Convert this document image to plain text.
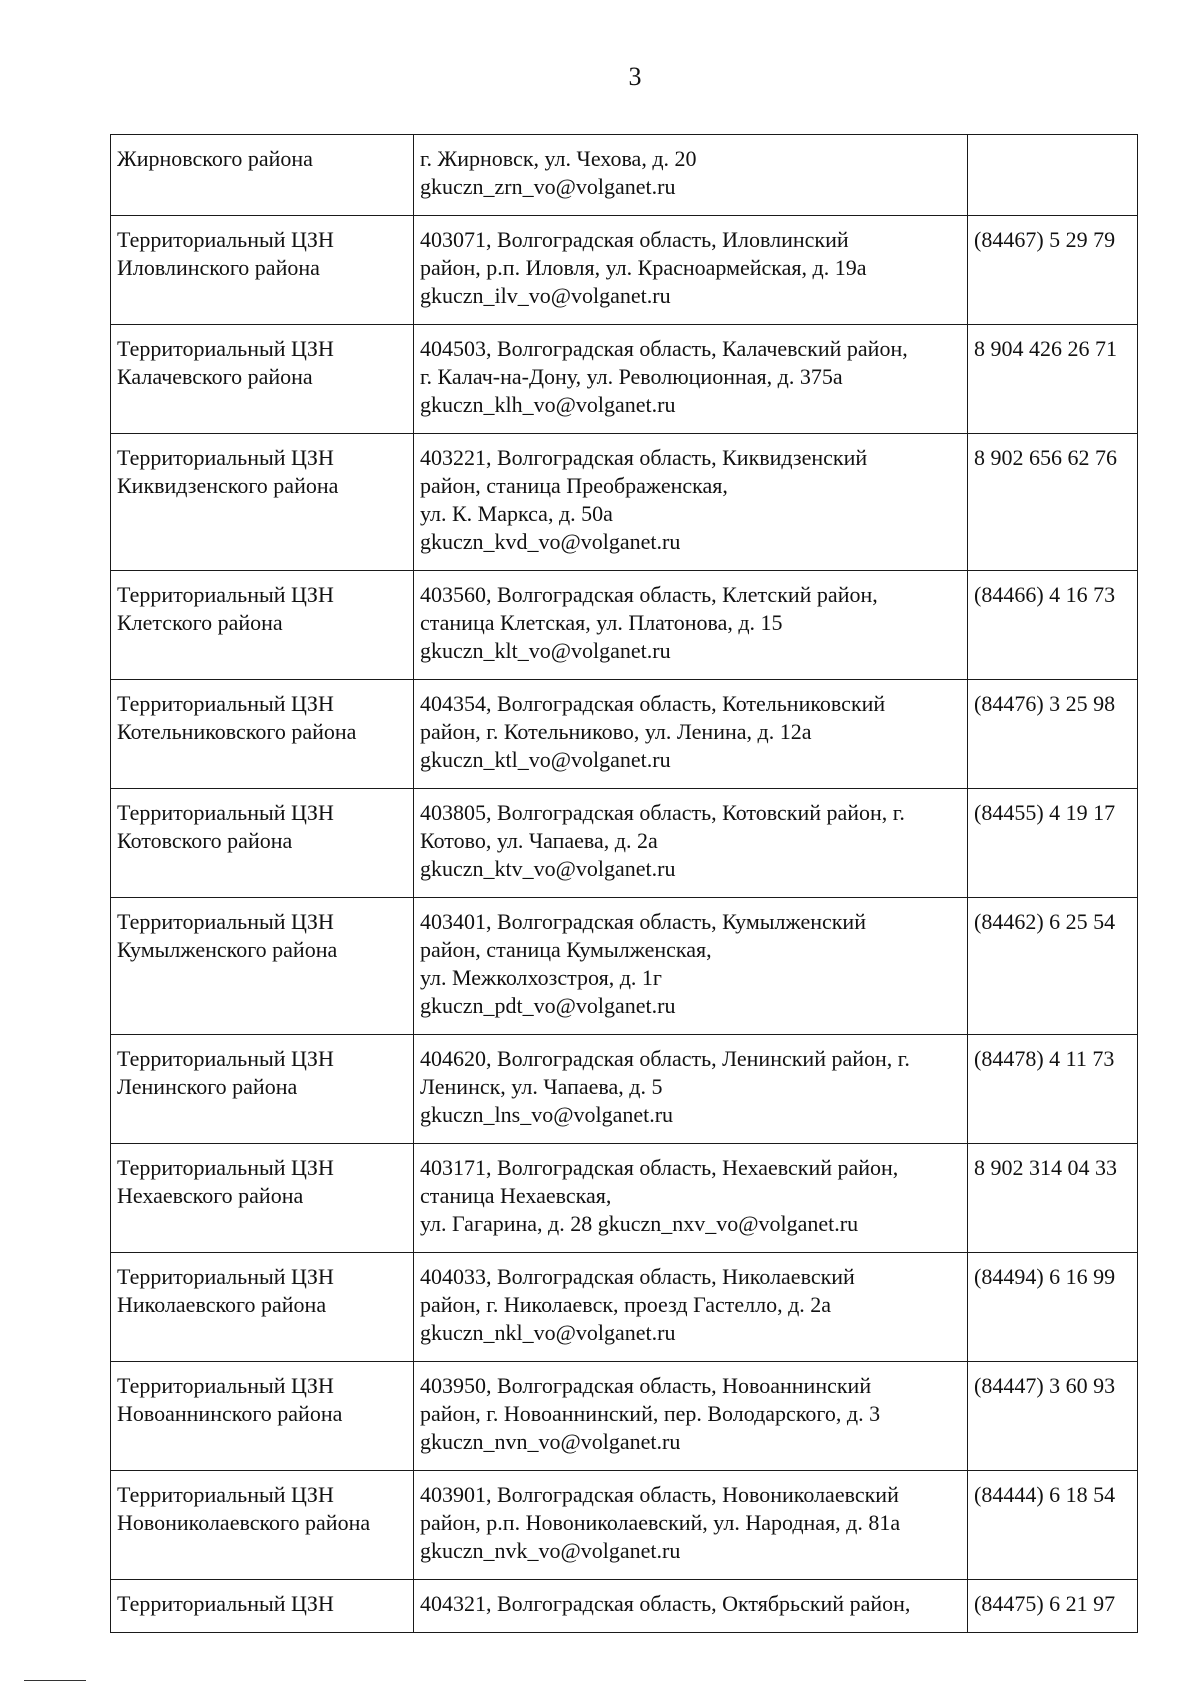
3
Жирновского района	г. Жирновск, ул. Чехова, д. 20
gkuczn_zrn_vo@volganet.ru	

Территориальный ЦЗН
Иловлинского района	403071, Волгоградская область, Иловлинский
район, р.п. Иловля, ул. Красноармейская, д. 19а
gkuczn_ilv_vo@volganet.ru	(84467) 5 29 79

Территориальный ЦЗН
Калачевского района	404503, Волгоградская область, Калачевский район,
г. Калач-на-Дону, ул. Революционная, д. 375а
gkuczn_klh_vo@volganet.ru	8 904 426 26 71

Территориальный ЦЗН
Киквидзенского района	403221, Волгоградская область, Киквидзенский
район, станица Преображенская,
ул. К. Маркса, д. 50а
gkuczn_kvd_vo@volganet.ru	8 902 656 62 76

Территориальный ЦЗН
Клетского района	403560, Волгоградская область, Клетский район,
станица Клетская, ул. Платонова, д. 15
gkuczn_klt_vo@volganet.ru	(84466) 4 16 73

Территориальный ЦЗН
Котельниковского района	404354, Волгоградская область, Котельниковский
район, г. Котельниково, ул. Ленина, д. 12а
gkuczn_ktl_vo@volganet.ru	(84476) 3 25 98

Территориальный ЦЗН
Котовского района	403805, Волгоградская область, Котовский район, г.
Котово, ул. Чапаева, д. 2а
gkuczn_ktv_vo@volganet.ru	(84455) 4 19 17

Территориальный ЦЗН
Кумылженского района	403401, Волгоградская область, Кумылженский
район, станица Кумылженская,
ул. Межколхозстроя, д. 1г
gkuczn_pdt_vo@volganet.ru	(84462) 6 25 54

Территориальный ЦЗН
Ленинского района	404620, Волгоградская область, Ленинский район, г.
Ленинск, ул. Чапаева, д. 5
gkuczn_lns_vo@volganet.ru	(84478) 4 11 73

Территориальный ЦЗН
Нехаевского района	403171, Волгоградская область, Нехаевский район,
станица Нехаевская,
ул. Гагарина, д. 28 gkuczn_nxv_vo@volganet.ru	8 902 314 04 33

Территориальный ЦЗН
Николаевского района	404033, Волгоградская область, Николаевский
район, г. Николаевск, проезд Гастелло, д. 2а
gkuczn_nkl_vo@volganet.ru	(84494) 6 16 99

Территориальный ЦЗН
Новоаннинского района	403950, Волгоградская область, Новоаннинский
район, г. Новоаннинский, пер. Володарского, д. 3
gkuczn_nvn_vo@volganet.ru	(84447) 3 60 93

Территориальный ЦЗН
Новониколаевского района	403901, Волгоградская область, Новониколаевский
район, р.п. Новониколаевский, ул. Народная, д. 81а
gkuczn_nvk_vo@volganet.ru	(84444) 6 18 54

Территориальный ЦЗН	404321, Волгоградская область, Октябрьский район,	(84475) 6 21 97
